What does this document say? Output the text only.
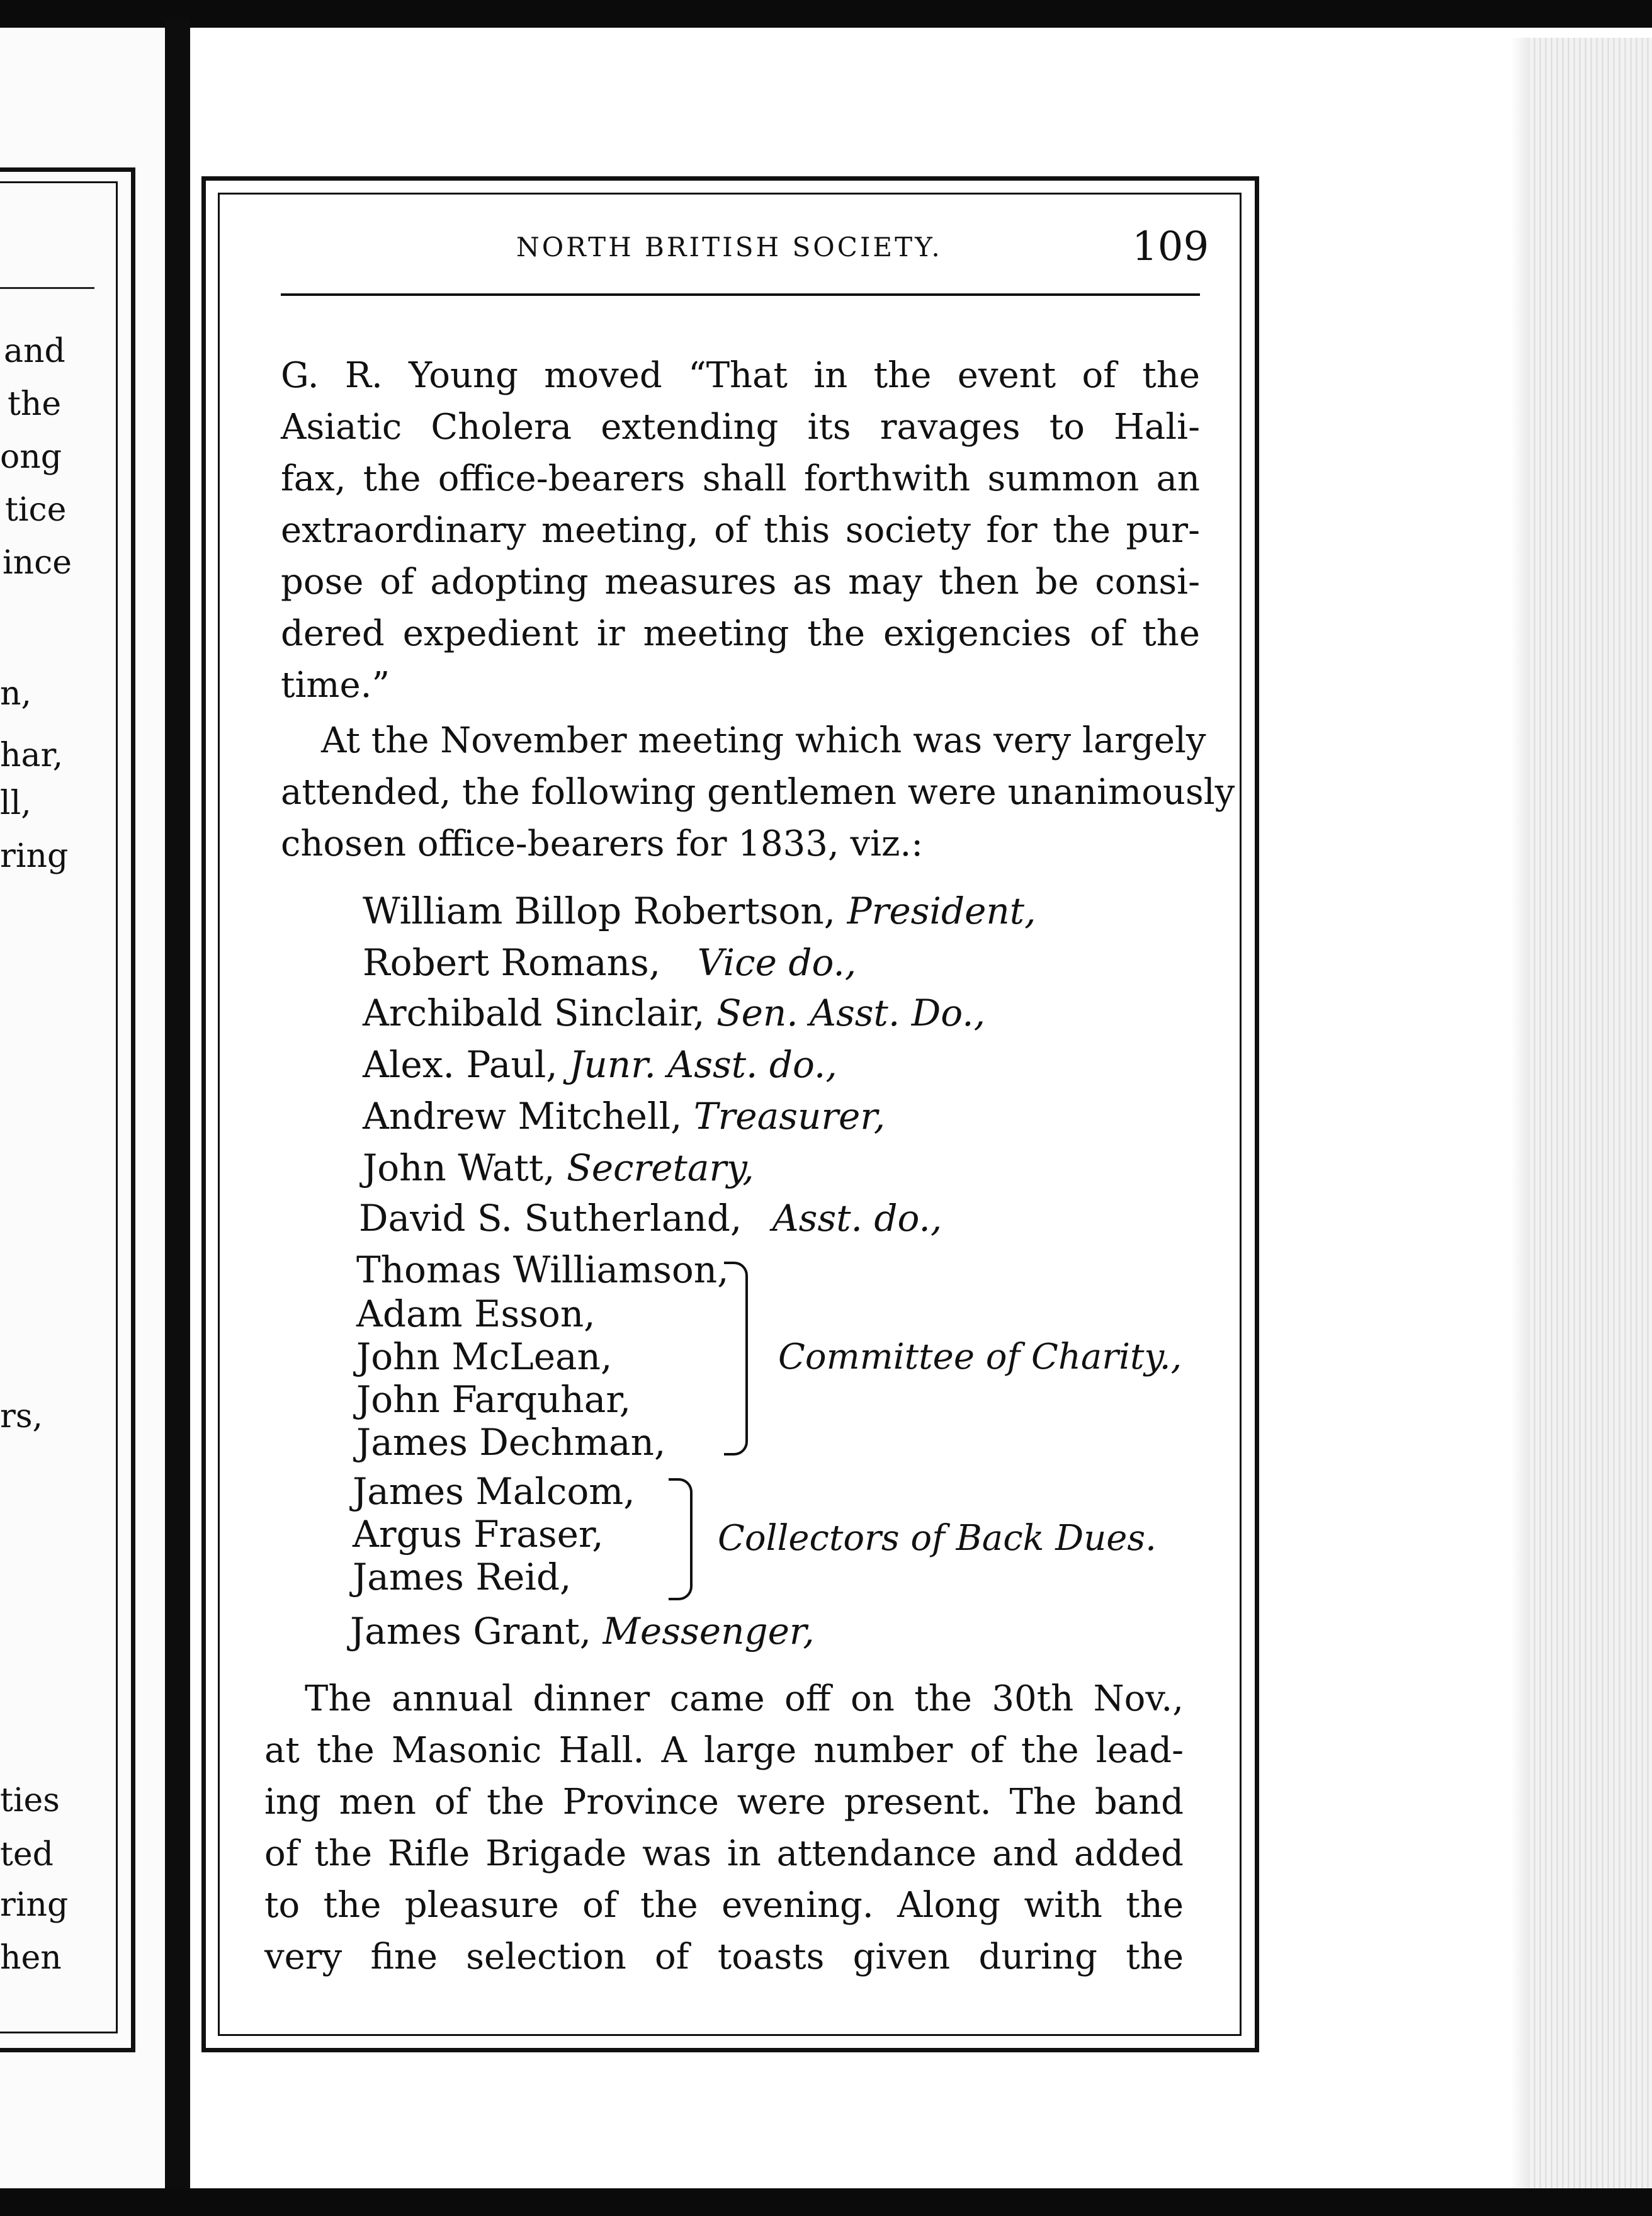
and
the
ong
tice
ince
n,
har,
ll,
ring
rs,
ties
ted
ring
hen
NORTH BRITISH SOCIETY.	109
G. R. Young moved “That in the event of the
Asiatic Cholera extending its ravages to Hali-
fax, the office-bearers shall forthwith summon an
extraordinary meeting, of this society for the pur-
pose of adopting measures as may then be consi-
dered expedient ir meeting the exigencies of the
time.”
At the November meeting which was very largely
attended, the following gentlemen were unanimously
chosen office-bearers for 1833, viz.:
William Billop Robertson, President,
Robert Romans, Vice do.,
Archibald Sinclair, Sen. Asst. Do.,
Alex. Paul, Junr. Asst. do.,
Andrew Mitchell, Treasurer,
John Watt, Secretary,
David S. Sutherland, Asst. do.,
Thomas Williamson,
Adam Esson,
John McLean,
John Farquhar,
James Dechman,
Committee of Charity.,
James Malcom,
Argus Fraser,
James Reid,
Collectors of Back Dues.
James Grant, Messenger,
The annual dinner came off on the 30th Nov.,
at the Masonic Hall. A large number of the lead-
ing men of the Province were present. The band
of the Rifle Brigade was in attendance and added
to the pleasure of the evening. Along with the
very fine selection of toasts given during the
